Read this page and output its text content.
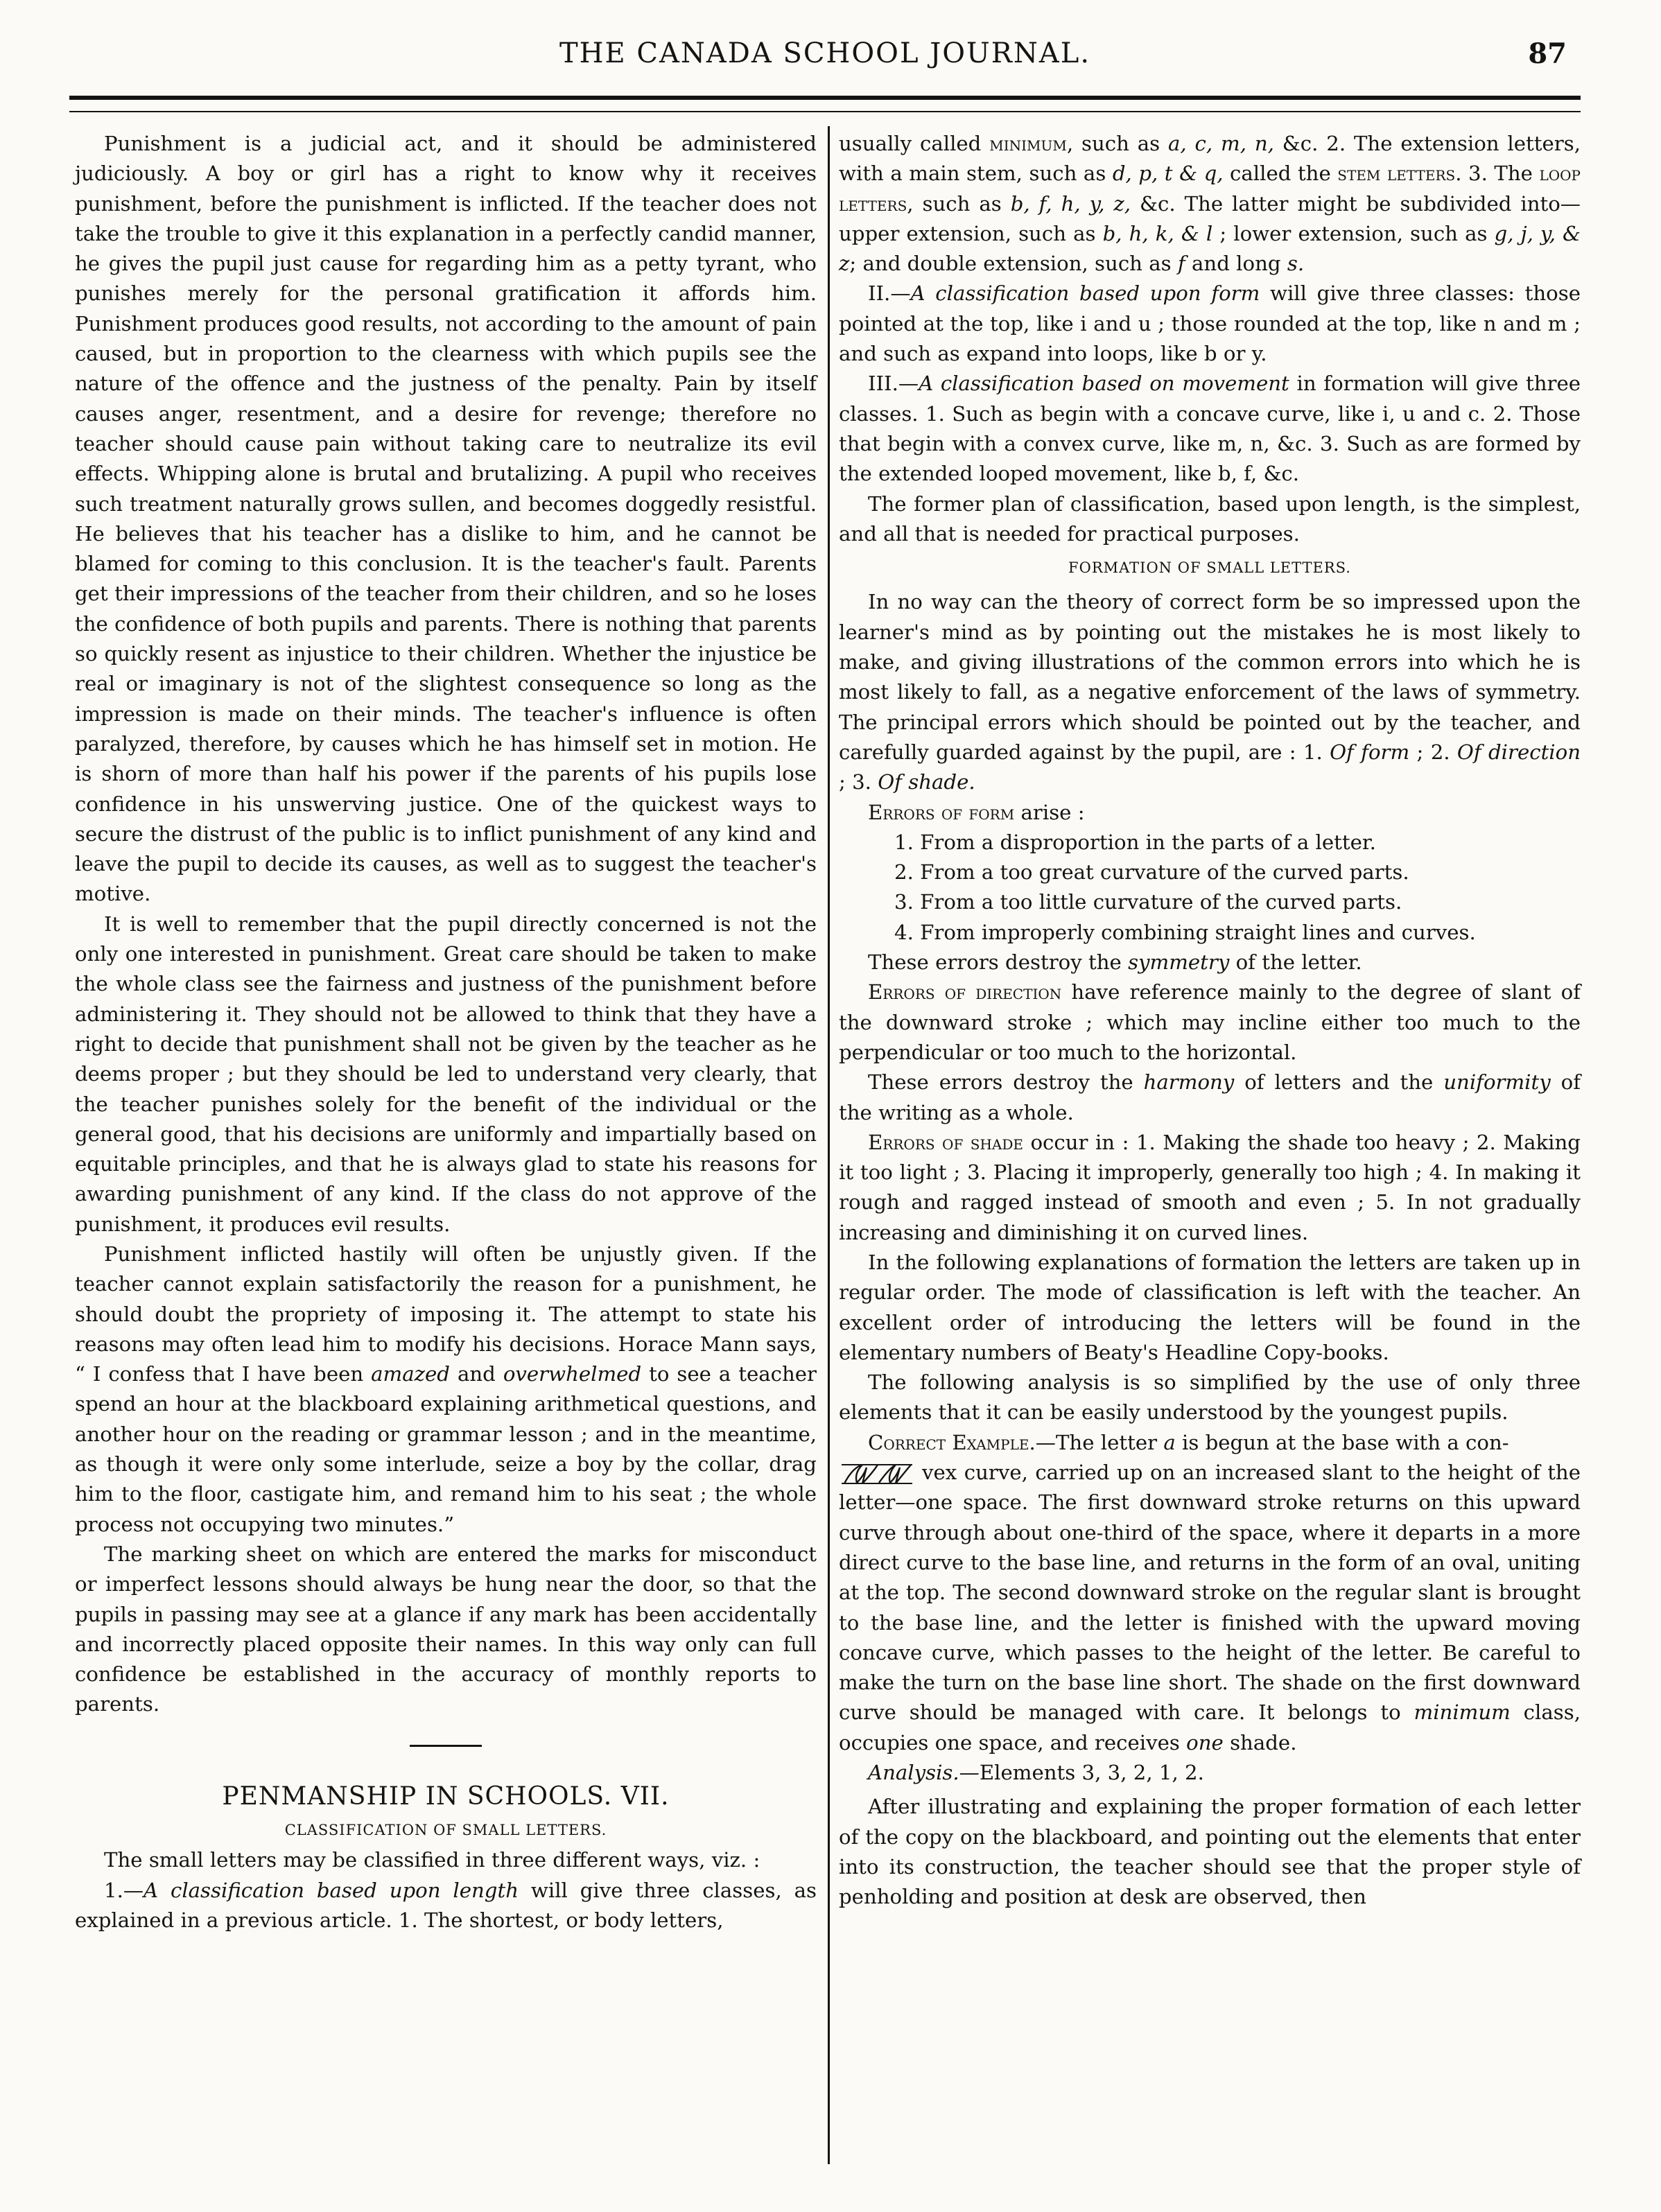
THE CANADA SCHOOL JOURNAL.	87

Punishment is a judicial act, and it should be administered judiciously. A boy or girl has a right to know why it receives punishment, before the punishment is inflicted. If the teacher does not take the trouble to give it this explanation in a perfectly candid manner, he gives the pupil just cause for regarding him as a petty tyrant, who punishes merely for the personal gratification it affords him. Punishment produces good results, not according to the amount of pain caused, but in proportion to the clearness with which pupils see the nature of the offence and the justness of the penalty. Pain by itself causes anger, resentment, and a desire for revenge; therefore no teacher should cause pain without taking care to neutralize its evil effects. Whipping alone is brutal and brutalizing. A pupil who receives such treatment naturally grows sullen, and becomes doggedly resistful. He believes that his teacher has a dislike to him, and he cannot be blamed for coming to this conclusion. It is the teacher's fault. Parents get their impressions of the teacher from their children, and so he loses the confidence of both pupils and parents. There is nothing that parents so quickly resent as injustice to their children. Whether the injustice be real or imaginary is not of the slightest consequence so long as the impression is made on their minds. The teacher's influence is often paralyzed, therefore, by causes which he has himself set in motion. He is shorn of more than half his power if the parents of his pupils lose confidence in his unswerving justice. One of the quickest ways to secure the distrust of the public is to inflict punishment of any kind and leave the pupil to decide its causes, as well as to suggest the teacher's motive.

It is well to remember that the pupil directly concerned is not the only one interested in punishment. Great care should be taken to make the whole class see the fairness and justness of the punishment before administering it. They should not be allowed to think that they have a right to decide that punishment shall not be given by the teacher as he deems proper ; but they should be led to understand very clearly, that the teacher punishes solely for the benefit of the individual or the general good, that his decisions are uniformly and impartially based on equitable principles, and that he is always glad to state his reasons for awarding punishment of any kind. If the class do not approve of the punishment, it produces evil results.

Punishment inflicted hastily will often be unjustly given. If the teacher cannot explain satisfactorily the reason for a punishment, he should doubt the propriety of imposing it. The attempt to state his reasons may often lead him to modify his decisions. Horace Mann says, “ I confess that I have been amazed and overwhelmed to see a teacher spend an hour at the blackboard explaining arithmetical questions, and another hour on the reading or grammar lesson ; and in the meantime, as though it were only some interlude, seize a boy by the collar, drag him to the floor, castigate him, and remand him to his seat ; the whole process not occupying two minutes.”

The marking sheet on which are entered the marks for misconduct or imperfect lessons should always be hung near the door, so that the pupils in passing may see at a glance if any mark has been accidentally and incorrectly placed opposite their names. In this way only can full confidence be established in the accuracy of monthly reports to parents.

PENMANSHIP IN SCHOOLS. VII.

CLASSIFICATION OF SMALL LETTERS.

The small letters may be classified in three different ways, viz. :

1.—A classification based upon length will give three classes, as explained in a previous article. 1. The shortest, or body letters,

usually called minimum, such as a, c, m, n, &c. 2. The extension letters, with a main stem, such as d, p, t & q, called the stem letters. 3. The loop letters, such as b, f, h, y, z, &c. The latter might be subdivided into—upper extension, such as b, h, k, & l ; lower extension, such as g, j, y, & z; and double extension, such as f and long s.

II.—A classification based upon form will give three classes: those pointed at the top, like i and u ; those rounded at the top, like n and m ; and such as expand into loops, like b or y.

III.—A classification based on movement in formation will give three classes. 1. Such as begin with a concave curve, like i, u and c. 2. Those that begin with a convex curve, like m, n, &c. 3. Such as are formed by the extended looped movement, like b, f, &c.

The former plan of classification, based upon length, is the simplest, and all that is needed for practical purposes.

FORMATION OF SMALL LETTERS.

In no way can the theory of correct form be so impressed upon the learner's mind as by pointing out the mistakes he is most likely to make, and giving illustrations of the common errors into which he is most likely to fall, as a negative enforcement of the laws of symmetry. The principal errors which should be pointed out by the teacher, and carefully guarded against by the pupil, are : 1. Of form ; 2. Of direction ; 3. Of shade.

Errors of form arise :

1. From a disproportion in the parts of a letter.

2. From a too great curvature of the curved parts.

3. From a too little curvature of the curved parts.

4. From improperly combining straight lines and curves.

These errors destroy the symmetry of the letter.

Errors of direction have reference mainly to the degree of slant of the downward stroke ; which may incline either too much to the perpendicular or too much to the horizontal.

These errors destroy the harmony of letters and the uniformity of the writing as a whole.

Errors of shade occur in : 1. Making the shade too heavy ; 2. Making it too light ; 3. Placing it improperly, generally too high ; 4. In making it rough and ragged instead of smooth and even ; 5. In not gradually increasing and diminishing it on curved lines.

In the following explanations of formation the letters are taken up in regular order. The mode of classification is left with the teacher. An excellent order of introducing the letters will be found in the elementary numbers of Beaty's Headline Copy-books.

The following analysis is so simplified by the use of only three elements that it can be easily understood by the youngest pupils.

Correct Example.—The letter a is begun at the base with a con-
vex curve, carried up on an increased slant to the height of the letter—one space. The first downward stroke returns on this upward curve through about one-third of the space, where it departs in a more direct curve to the base line, and returns in the form of an oval, uniting at the top. The second downward stroke on the regular slant is brought to the base line, and the letter is finished with the upward moving concave curve, which passes to the height of the letter. Be careful to make the turn on the base line short. The shade on the first downward curve should be managed with care. It belongs to minimum class, occupies one space, and receives one shade.

Analysis.—Elements 3, 3, 2, 1, 2.

After illustrating and explaining the proper formation of each letter of the copy on the blackboard, and pointing out the elements that enter into its construction, the teacher should see that the proper style of penholding and position at desk are observed, then
